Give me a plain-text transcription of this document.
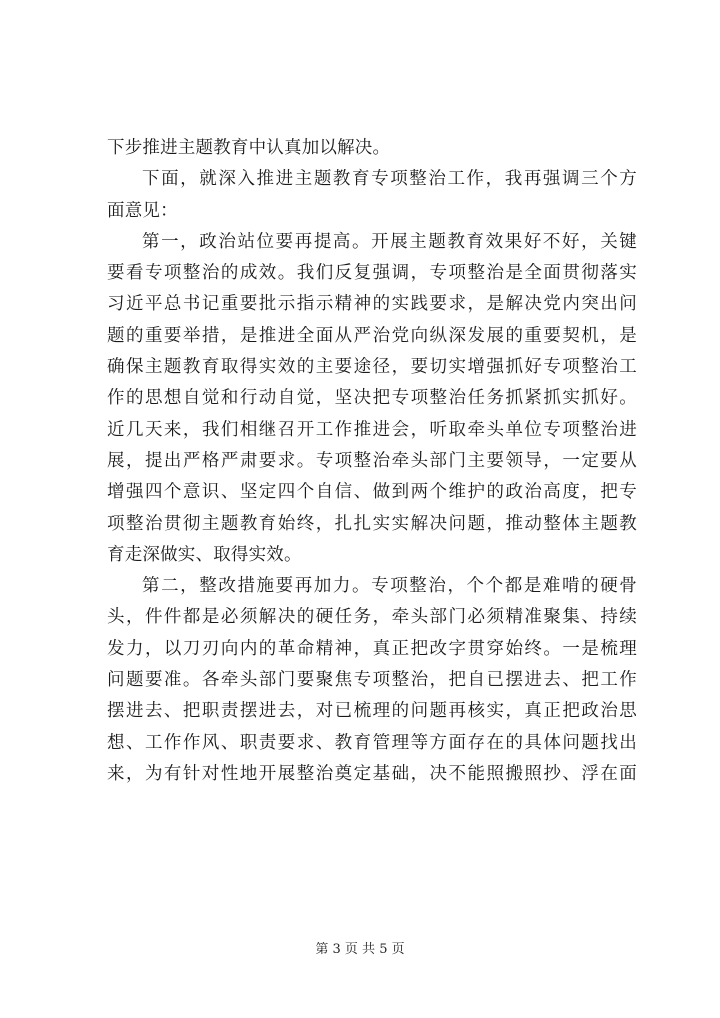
下步推进主题教育中认真加以解决。
下面，就深入推进主题教育专项整治工作，我再强调三个方
面意见：
第一，政治站位要再提高。开展主题教育效果好不好，关键
要看专项整治的成效。我们反复强调，专项整治是全面贯彻落实
习近平总书记重要批示指示精神的实践要求，是解决党内突出问
题的重要举措，是推进全面从严治党向纵深发展的重要契机，是
确保主题教育取得实效的主要途径，要切实增强抓好专项整治工
作的思想自觉和行动自觉，坚决把专项整治任务抓紧抓实抓好。
近几天来，我们相继召开工作推进会，听取牵头单位专项整治进
展，提出严格严肃要求。专项整治牵头部门主要领导，一定要从
增强四个意识、坚定四个自信、做到两个维护的政治高度，把专
项整治贯彻主题教育始终，扎扎实实解决问题，推动整体主题教
育走深做实、取得实效。
第二，整改措施要再加力。专项整治，个个都是难啃的硬骨
头，件件都是必须解决的硬任务，牵头部门必须精准聚集、持续
发力，以刀刃向内的革命精神，真正把改字贯穿始终。一是梳理
问题要准。各牵头部门要聚焦专项整治，把自已摆进去、把工作
摆进去、把职责摆进去，对已梳理的问题再核实，真正把政治思
想、工作作风、职责要求、教育管理等方面存在的具体问题找出
来，为有针对性地开展整治奠定基础，决不能照搬照抄、浮在面
第 3 页 共 5 页
